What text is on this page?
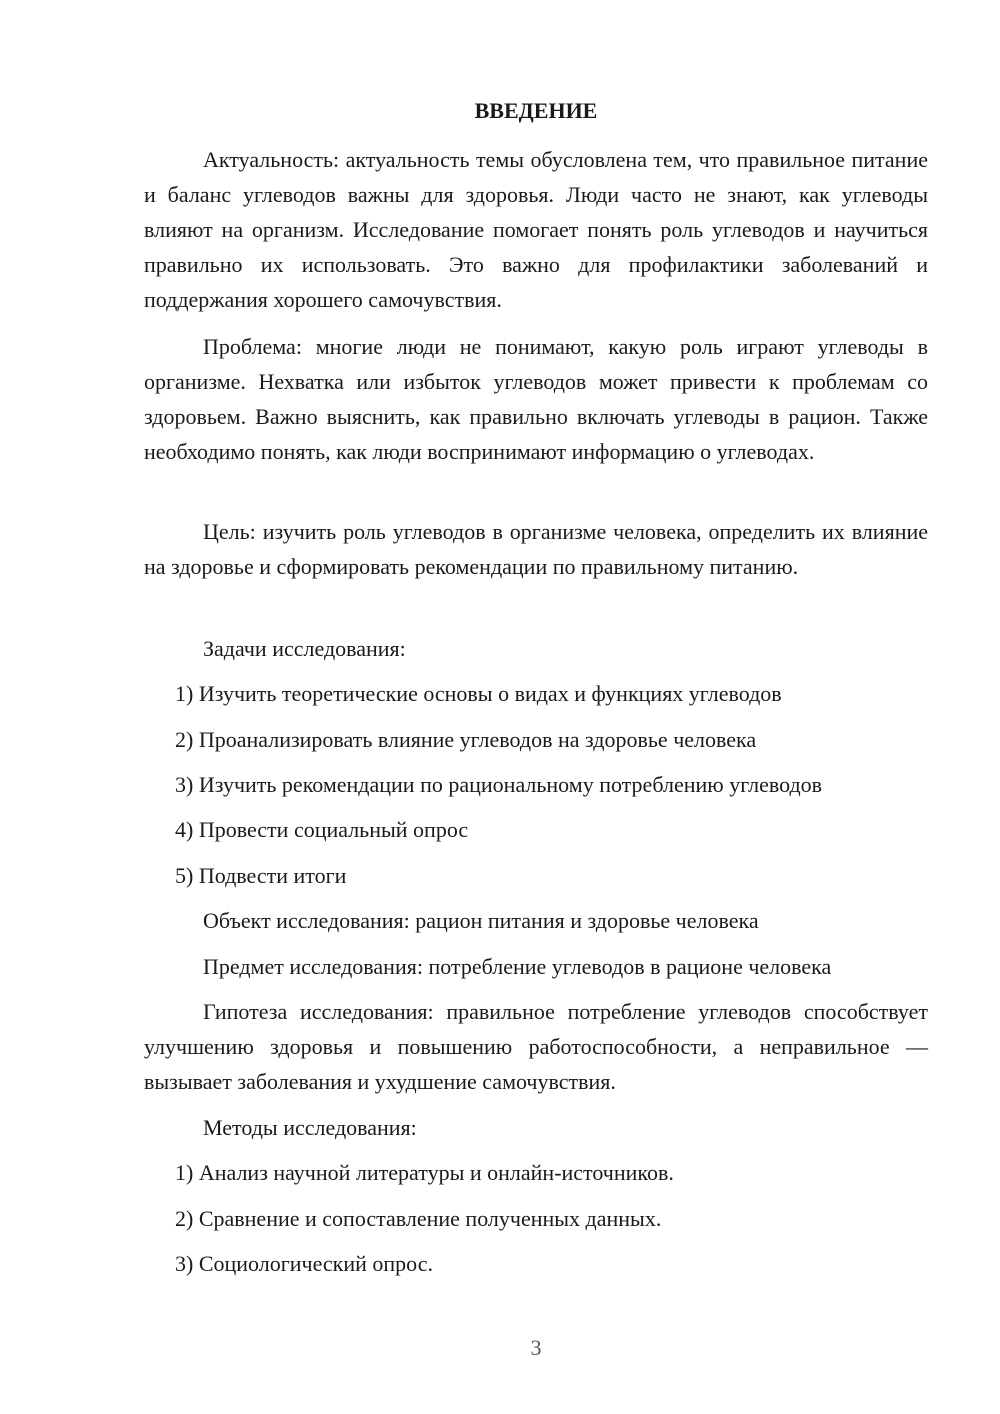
ВВЕДЕНИЕ

Актуальность: актуальность темы обусловлена тем, что правильное питание и баланс углеводов важны для здоровья. Люди часто не знают, как углеводы влияют на организм. Исследование помогает понять роль углеводов и научиться правильно их использовать. Это важно для профилактики заболеваний и поддержания хорошего самочувствия.

Проблема: многие люди не понимают, какую роль играют углеводы в организме. Нехватка или избыток углеводов может привести к проблемам со здоровьем. Важно выяснить, как правильно включать углеводы в рацион. Также необходимо понять, как люди воспринимают информацию о углеводах.

Цель: изучить роль углеводов в организме человека, определить их влияние на здоровье и сформировать рекомендации по правильному питанию.

Задачи исследования:

1) Изучить теоретические основы о видах и функциях углеводов

2) Проанализировать влияние углеводов на здоровье человека

3) Изучить рекомендации по рациональному потреблению углеводов

4) Провести социальный опрос

5) Подвести итоги

Объект исследования: рацион питания и здоровье человека

Предмет исследования: потребление углеводов в рационе человека

Гипотеза исследования: правильное потребление углеводов способствует улучшению здоровья и повышению работоспособности, а неправильное — вызывает заболевания и ухудшение самочувствия.

Методы исследования:

1) Анализ научной литературы и онлайн-источников.

2) Сравнение и сопоставление полученных данных.

3) Социологический опрос.

3
